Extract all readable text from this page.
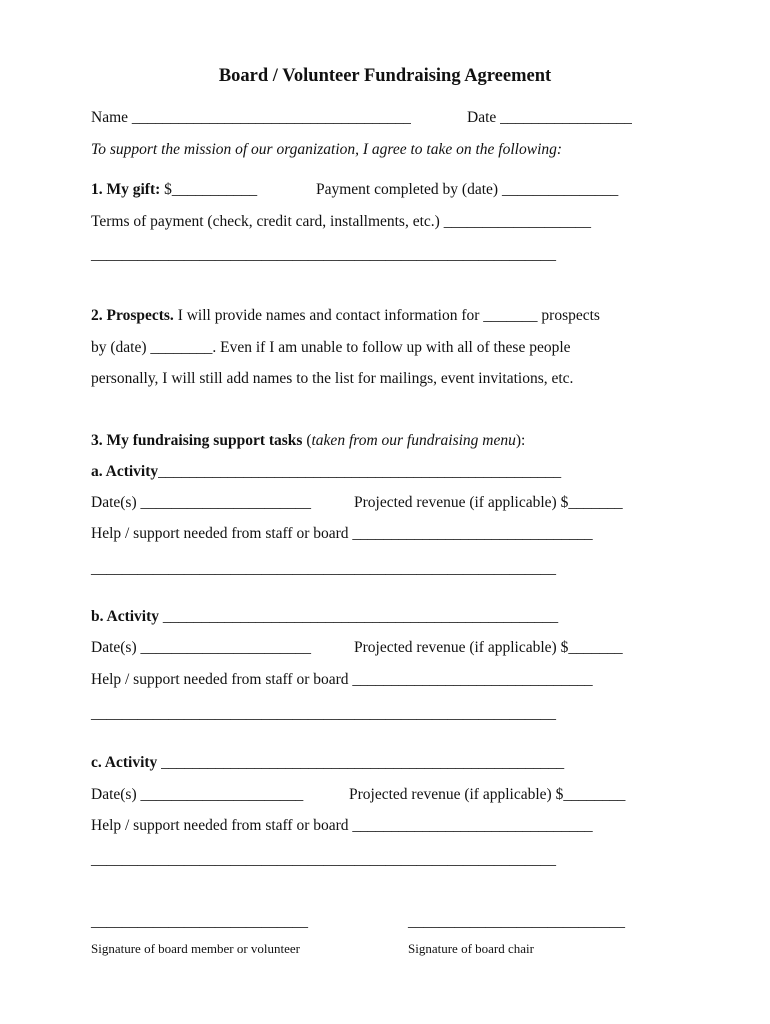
Board / Volunteer Fundraising Agreement
Name ____________________________________	Date _________________
To support the mission of our organization, I agree to take on the following:
1. My gift: $___________	Payment completed by (date) _______________
Terms of payment (check, credit card, installments, etc.) ___________________
____________________________________________________________
2. Prospects. I will provide names and contact information for _______ prospects
by (date) ________. Even if I am unable to follow up with all of these people
personally, I will still add names to the list for mailings, event invitations, etc.
3. My fundraising support tasks (taken from our fundraising menu):
a. Activity____________________________________________________
Date(s) ______________________	Projected revenue (if applicable) $_______
Help / support needed from staff or board _______________________________
____________________________________________________________
b. Activity ___________________________________________________
Date(s) ______________________	Projected revenue (if applicable) $_______
Help / support needed from staff or board _______________________________
____________________________________________________________
c. Activity ____________________________________________________
Date(s) _____________________	Projected revenue (if applicable) $________
Help / support needed from staff or board _______________________________
____________________________________________________________
____________________________	____________________________
Signature of board member or volunteer	Signature of board chair
